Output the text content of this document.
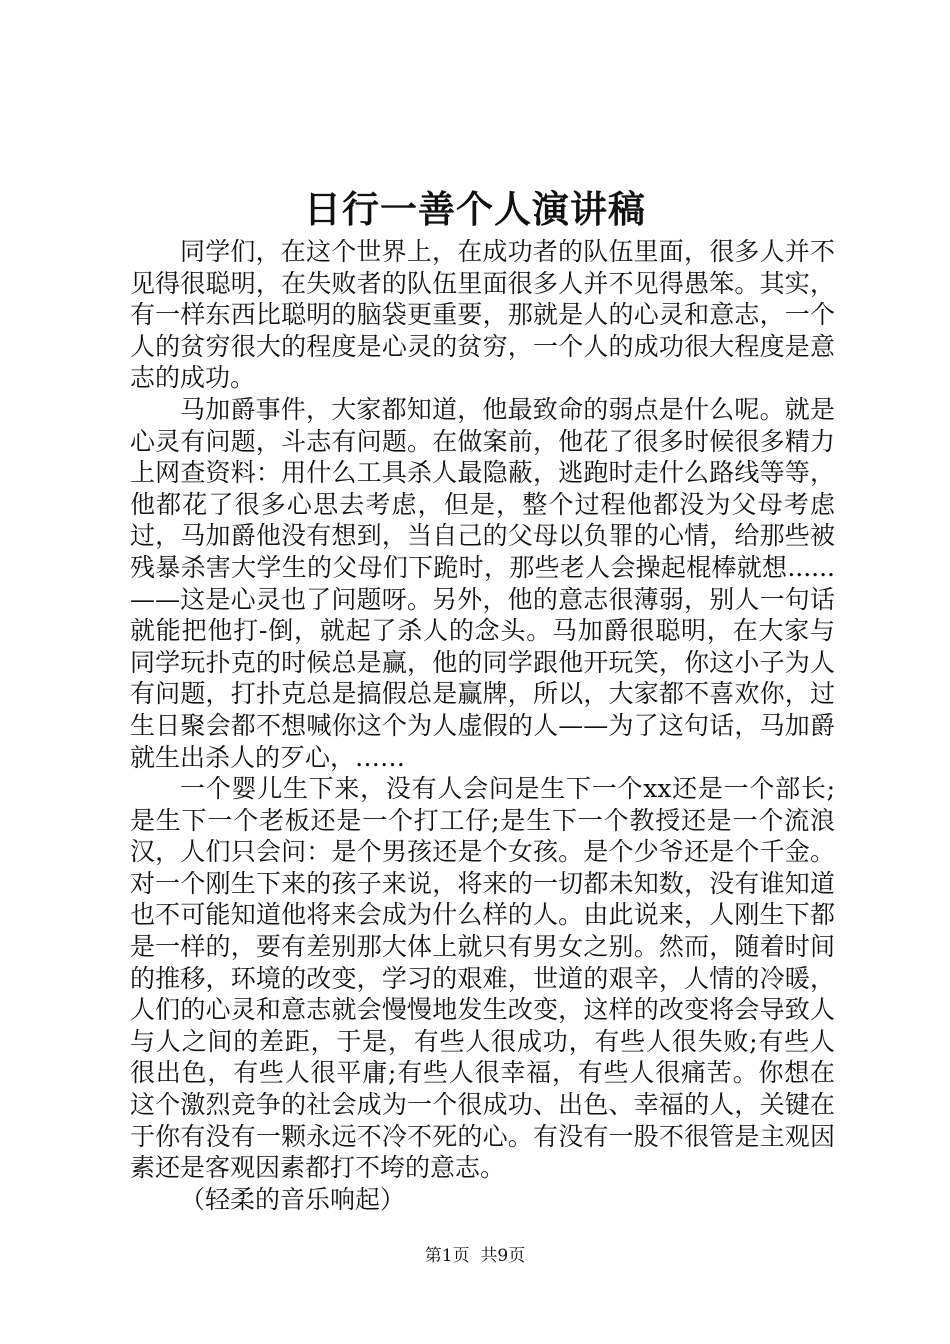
日行一善个人演讲稿

同学们，在这个世界上，在成功者的队伍里面，很多人并不见得很聪明，在失败者的队伍里面很多人并不见得愚笨。其实，有一样东西比聪明的脑袋更重要，那就是人的心灵和意志，一个人的贫穷很大的程度是心灵的贫穷，一个人的成功很大程度是意志的成功。

马加爵事件，大家都知道，他最致命的弱点是什么呢。就是心灵有问题，斗志有问题。在做案前，他花了很多时候很多精力上网查资料：用什么工具杀人最隐蔽，逃跑时走什么路线等等，他都花了很多心思去考虑，但是，整个过程他都没为父母考虑过，马加爵他没有想到，当自己的父母以负罪的心情，给那些被残暴杀害大学生的父母们下跪时，那些老人会操起棍棒就想......——这是心灵也了问题呀。另外，他的意志很薄弱，别人一句话就能把他打-倒，就起了杀人的念头。马加爵很聪明，在大家与同学玩扑克的时候总是赢，他的同学跟他开玩笑，你这小子为人有问题，打扑克总是搞假总是赢牌，所以，大家都不喜欢你，过生日聚会都不想喊你这个为人虚假的人——为了这句话，马加爵就生出杀人的歹心，……

一个婴儿生下来，没有人会问是生下一个xx还是一个部长;是生下一个老板还是一个打工仔;是生下一个教授还是一个流浪汉，人们只会问：是个男孩还是个女孩。是个少爷还是个千金。对一个刚生下来的孩子来说，将来的一切都未知数，没有谁知道也不可能知道他将来会成为什么样的人。由此说来，人刚生下都是一样的，要有差别那大体上就只有男女之别。然而，随着时间的推移，环境的改变，学习的艰难，世道的艰辛，人情的冷暖，人们的心灵和意志就会慢慢地发生改变，这样的改变将会导致人与人之间的差距，于是，有些人很成功，有些人很失败;有些人很出色，有些人很平庸;有些人很幸福，有些人很痛苦。你想在这个激烈竞争的社会成为一个很成功、出色、幸福的人，关键在于你有没有一颗永远不冷不死的心。有没有一股不很管是主观因素还是客观因素都打不垮的意志。

（轻柔的音乐响起）

第1页  共9页
